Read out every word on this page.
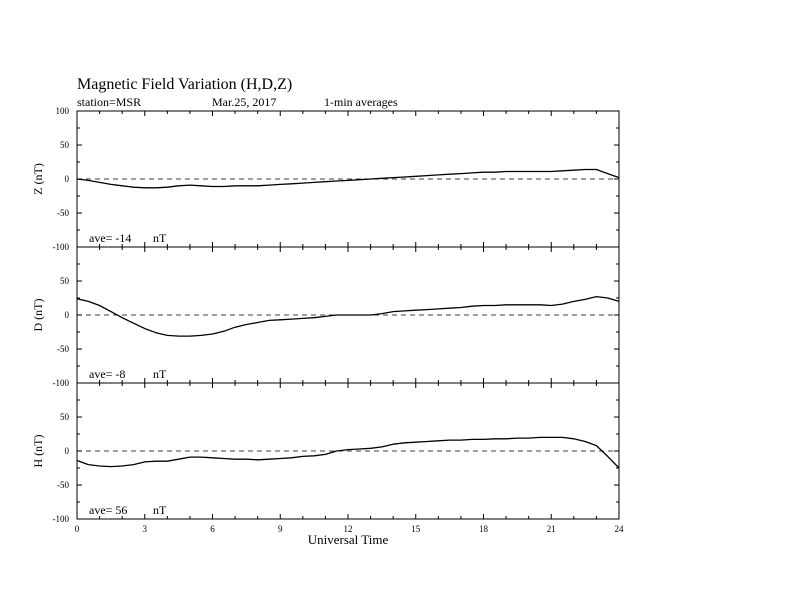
Magnetic Field Variation (H,D,Z)
station=MSR	Mar.25, 2017	1-min averages
-100
-50
0
50
100
Z (nT)
ave= -14 nT
-100
-50
0
50
D (nT)
ave= -8 nT
-100
-50
0
50
H (nT)
ave= 56 nT
0	3	6	9	12	15	18	21	24
Universal Time
